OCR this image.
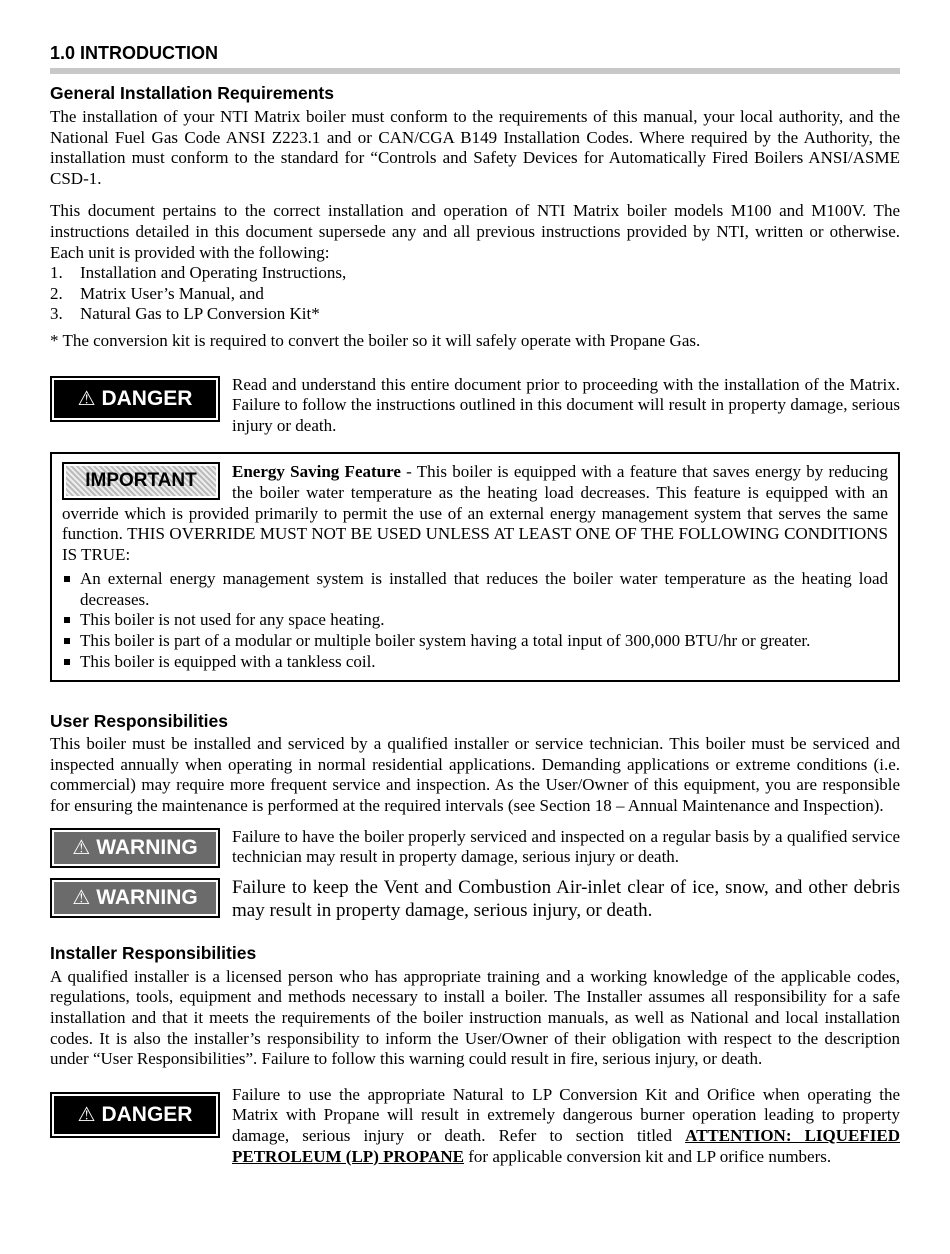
1.0 INTRODUCTION
General Installation Requirements

The installation of your NTI Matrix boiler must conform to the requirements of this manual, your local authority, and the National Fuel Gas Code ANSI Z223.1 and or CAN/CGA B149 Installation Codes. Where required by the Authority, the installation must conform to the standard for “Controls and Safety Devices for Automatically Fired Boilers ANSI/ASME CSD-1.

This document pertains to the correct installation and operation of NTI Matrix boiler models M100 and M100V. The instructions detailed in this document supersede any and all previous instructions provided by NTI, written or otherwise. Each unit is provided with the following:

1. Installation and Operating Instructions,
2. Matrix User’s Manual, and
3. Natural Gas to LP Conversion Kit*

* The conversion kit is required to convert the boiler so it will safely operate with Propane Gas.

⚠ DANGER

Read and understand this entire document prior to proceeding with the installation of the Matrix. Failure to follow the instructions outlined in this document will result in property damage, serious injury or death.

IMPORTANT	Energy Saving Feature - This boiler is equipped with a feature that saves energy by reducing the boiler water temperature as the heating load decreases. This feature is equipped with an override which is provided primarily to permit the use of an external energy management system that serves the same function. THIS OVERRIDE MUST NOT BE USED UNLESS AT LEAST ONE OF THE FOLLOWING CONDITIONS IS TRUE:

An external energy management system is installed that reduces the boiler water temperature as the heating load decreases.
This boiler is not used for any space heating.
This boiler is part of a modular or multiple boiler system having a total input of 300,000 BTU/hr or greater.
This boiler is equipped with a tankless coil.
User Responsibilities

This boiler must be installed and serviced by a qualified installer or service technician. This boiler must be serviced and inspected annually when operating in normal residential applications. Demanding applications or extreme conditions (i.e. commercial) may require more frequent service and inspection. As the User/Owner of this equipment, you are responsible for ensuring the maintenance is performed at the required intervals (see Section 18 – Annual Maintenance and Inspection).

⚠ WARNING Failure to have the boiler properly serviced and inspected on a regular basis by a qualified service technician may result in property damage, serious injury or death.

⚠ WARNING Failure to keep the Vent and Combustion Air-inlet clear of ice, snow, and other debris may result in property damage, serious injury, or death.

Installer Responsibilities

A qualified installer is a licensed person who has appropriate training and a working knowledge of the applicable codes, regulations, tools, equipment and methods necessary to install a boiler. The Installer assumes all responsibility for a safe installation and that it meets the requirements of the boiler instruction manuals, as well as National and local installation codes. It is also the installer’s responsibility to inform the User/Owner of their obligation with respect to the description under “User Responsibilities”. Failure to follow this warning could result in fire, serious injury, or death.

⚠ DANGER

Failure to use the appropriate Natural to LP Conversion Kit and Orifice when operating the Matrix with Propane will result in extremely dangerous burner operation leading to property damage, serious injury or death. Refer to section titled ATTENTION: LIQUEFIED PETROLEUM (LP) PROPANE for applicable conversion kit and LP orifice numbers.
